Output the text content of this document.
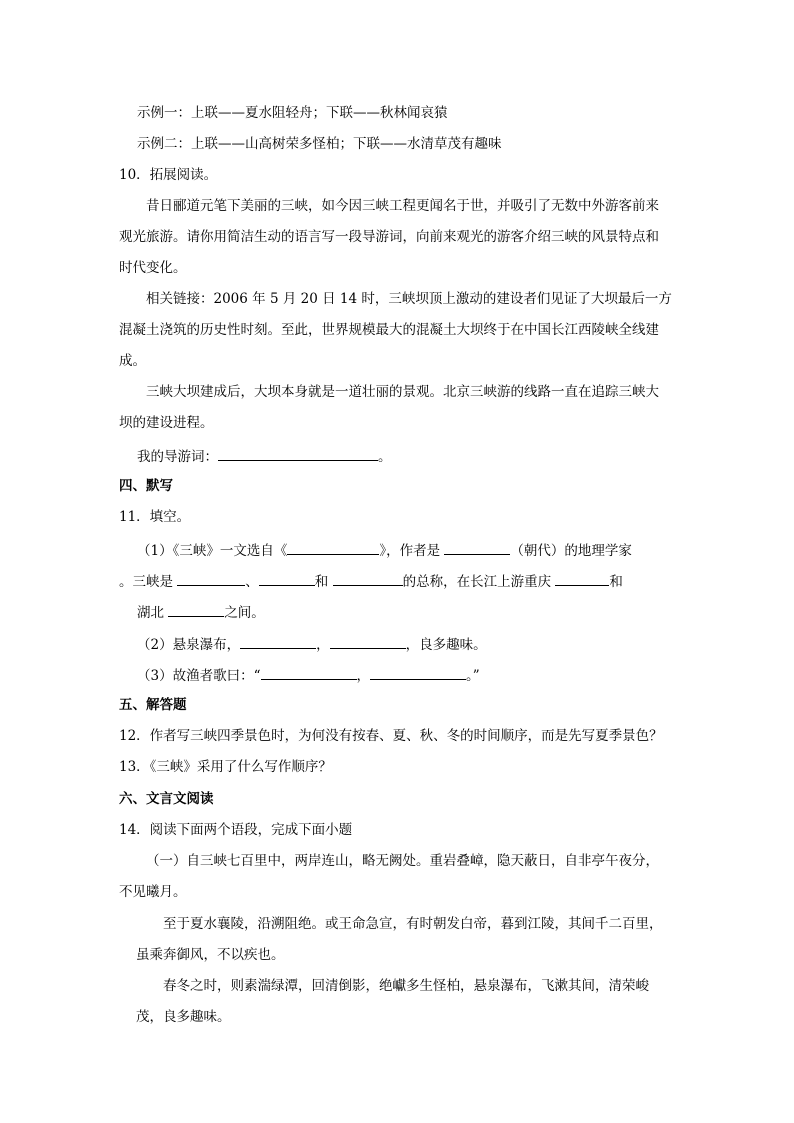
示例一：上联——夏水阻轻舟；下联——秋林闻哀猿
示例二：上联——山高树荣多怪柏；下联——水清草茂有趣味
10．拓展阅读。
昔日郦道元笔下美丽的三峡，如今因三峡工程更闻名于世，并吸引了无数中外游客前来
观光旅游。请你用简洁生动的语言写一段导游词，向前来观光的游客介绍三峡的风景特点和
时代变化。
相关链接：2006 年 5 月 20 日 14 时，三峡坝顶上激动的建设者们见证了大坝最后一方
混凝土浇筑的历史性时刻。至此，世界规模最大的混凝土大坝终于在中国长江西陵峡全线建
成。
三峡大坝建成后，大坝本身就是一道壮丽的景观。北京三峡游的线路一直在追踪三峡大
坝的建设进程。
我的导游词：	。
四、默写
11．填空。
（1）《三峡》一文选自《	》，作者是	（朝代）的地理学家
。三峡是	、	和	的总称，在长江上游重庆	和
湖北	之间。
（2）悬泉瀑布，	，	，良多趣味。
（3）故渔者歌曰：“	，	。”
五、解答题
12．作者写三峡四季景色时，为何没有按春、夏、秋、冬的时间顺序，而是先写夏季景色？
13．《三峡》采用了什么写作顺序？
六、文言文阅读
14．阅读下面两个语段，完成下面小题
（一）自三峡七百里中，两岸连山，略无阙处。重岩叠嶂，隐天蔽日，自非亭午夜分，
不见曦月。
至于夏水襄陵，沿溯阻绝。或王命急宣，有时朝发白帝，暮到江陵，其间千二百里，
虽乘奔御风，不以疾也。
春冬之时，则素湍绿潭，回清倒影，绝巘多生怪柏，悬泉瀑布，飞漱其间，清荣峻
茂，良多趣味。
